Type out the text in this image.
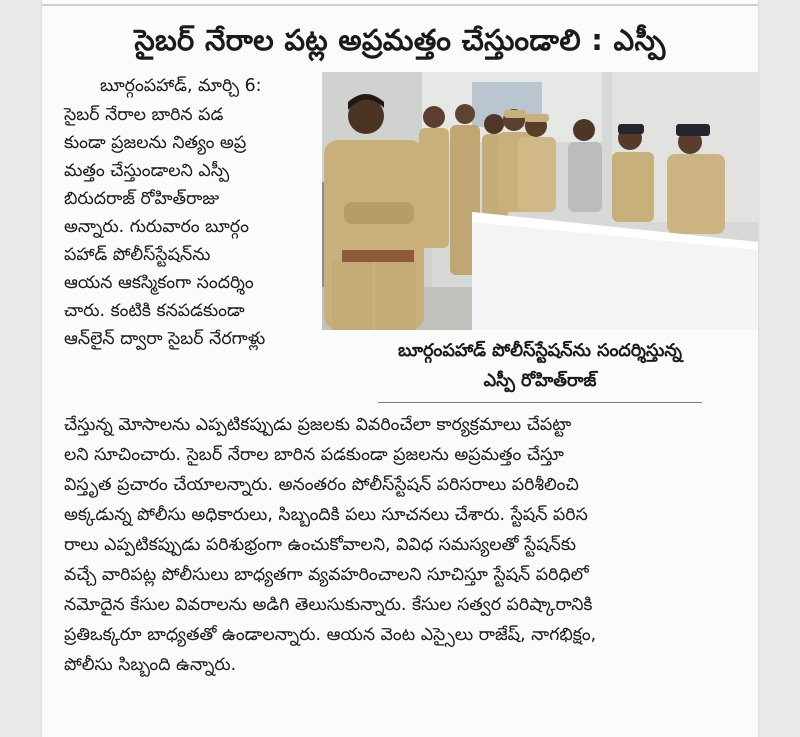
సైబర్ నేరాల పట్ల అప్రమత్తం చేస్తుండాలి : ఎస్పీ
బూర్గంపహాడ్ పోలీస్‌స్టేషన్‌ను సందర్శిస్తున్న
ఎస్పీ రోహిత్‌రాజ్
బూర్గంపహాడ్, మార్చి 6:
సైబర్ నేరాల బారిన పడ
కుండా ప్రజలను నిత్యం అప్ర
మత్తం చేస్తుండాలని ఎస్పీ
బిరుదరాజ్ రోహిత్‌రాజు
అన్నారు. గురువారం బూర్గం
పహాడ్ పోలీస్‌స్టేషన్‌ను
ఆయన ఆకస్మికంగా సందర్శిం
చారు. కంటికి కనపడకుండా
ఆన్‌లైన్ ద్వారా సైబర్ నేరగాళ్లు
చేస్తున్న మోసాలను ఎప్పటికప్పుడు ప్రజలకు వివరించేలా కార్యక్రమాలు చేపట్టా
లని సూచించారు. సైబర్ నేరాల బారిన పడకుండా ప్రజలను అప్రమత్తం చేస్తూ
విస్తృత ప్రచారం చేయాలన్నారు. అనంతరం పోలీస్‌స్టేషన్ పరిసరాలు పరిశీలించి
అక్కడున్న పోలీసు అధికారులు, సిబ్బందికి పలు సూచనలు చేశారు. స్టేషన్ పరిస
రాలు ఎప్పటికప్పుడు పరిశుభ్రంగా ఉంచుకోవాలని, వివిధ సమస్యలతో స్టేషన్‌కు
వచ్చే వారిపట్ల పోలీసులు బాధ్యతగా వ్యవహరించాలని సూచిస్తూ స్టేషన్ పరిధిలో
నమోదైన కేసుల వివరాలను అడిగి తెలుసుకున్నారు. కేసుల సత్వర పరిష్కారానికి
ప్రతిఒక్కరూ బాధ్యతతో ఉండాలన్నారు. ఆయన వెంట ఎస్సైలు రాజేష్, నాగభిక్షం,
పోలీసు సిబ్బంది ఉన్నారు.
